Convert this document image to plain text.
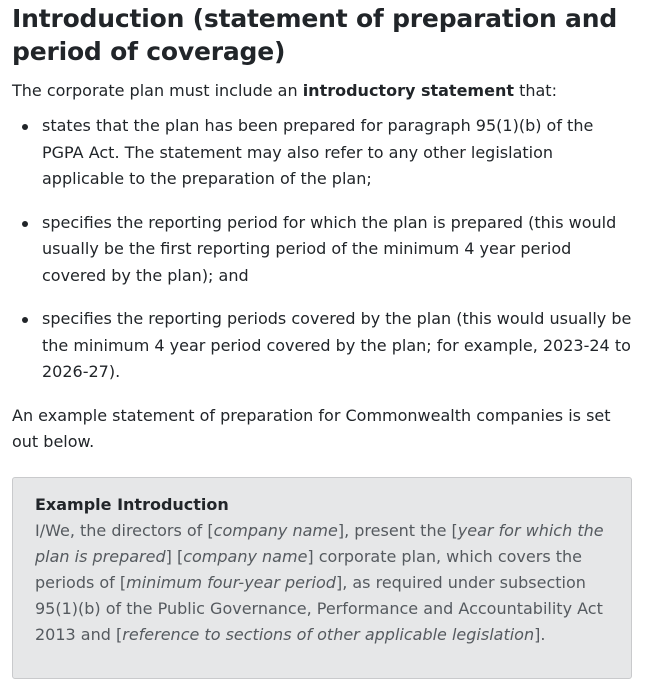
Introduction (statement of preparation and period of coverage)

The corporate plan must include an introductory statement that:

states that the plan has been prepared for paragraph 95(1)(b) of the PGPA Act. The statement may also refer to any other legislation applicable to the preparation of the plan;
specifies the reporting period for which the plan is prepared (this would usually be the first reporting period of the minimum 4 year period covered by the plan); and
specifies the reporting periods covered by the plan (this would usually be the minimum 4 year period covered by the plan; for example, 2023-24 to 2026-27).

An example statement of preparation for Commonwealth companies is set out below.

Example Introduction
I/We, the directors of [company name], present the [year for which the plan is prepared] [company name] corporate plan, which covers the periods of [minimum four-year period], as required under subsection 95(1)(b) of the Public Governance, Performance and Accountability Act 2013 and [reference to sections of other applicable legislation].
